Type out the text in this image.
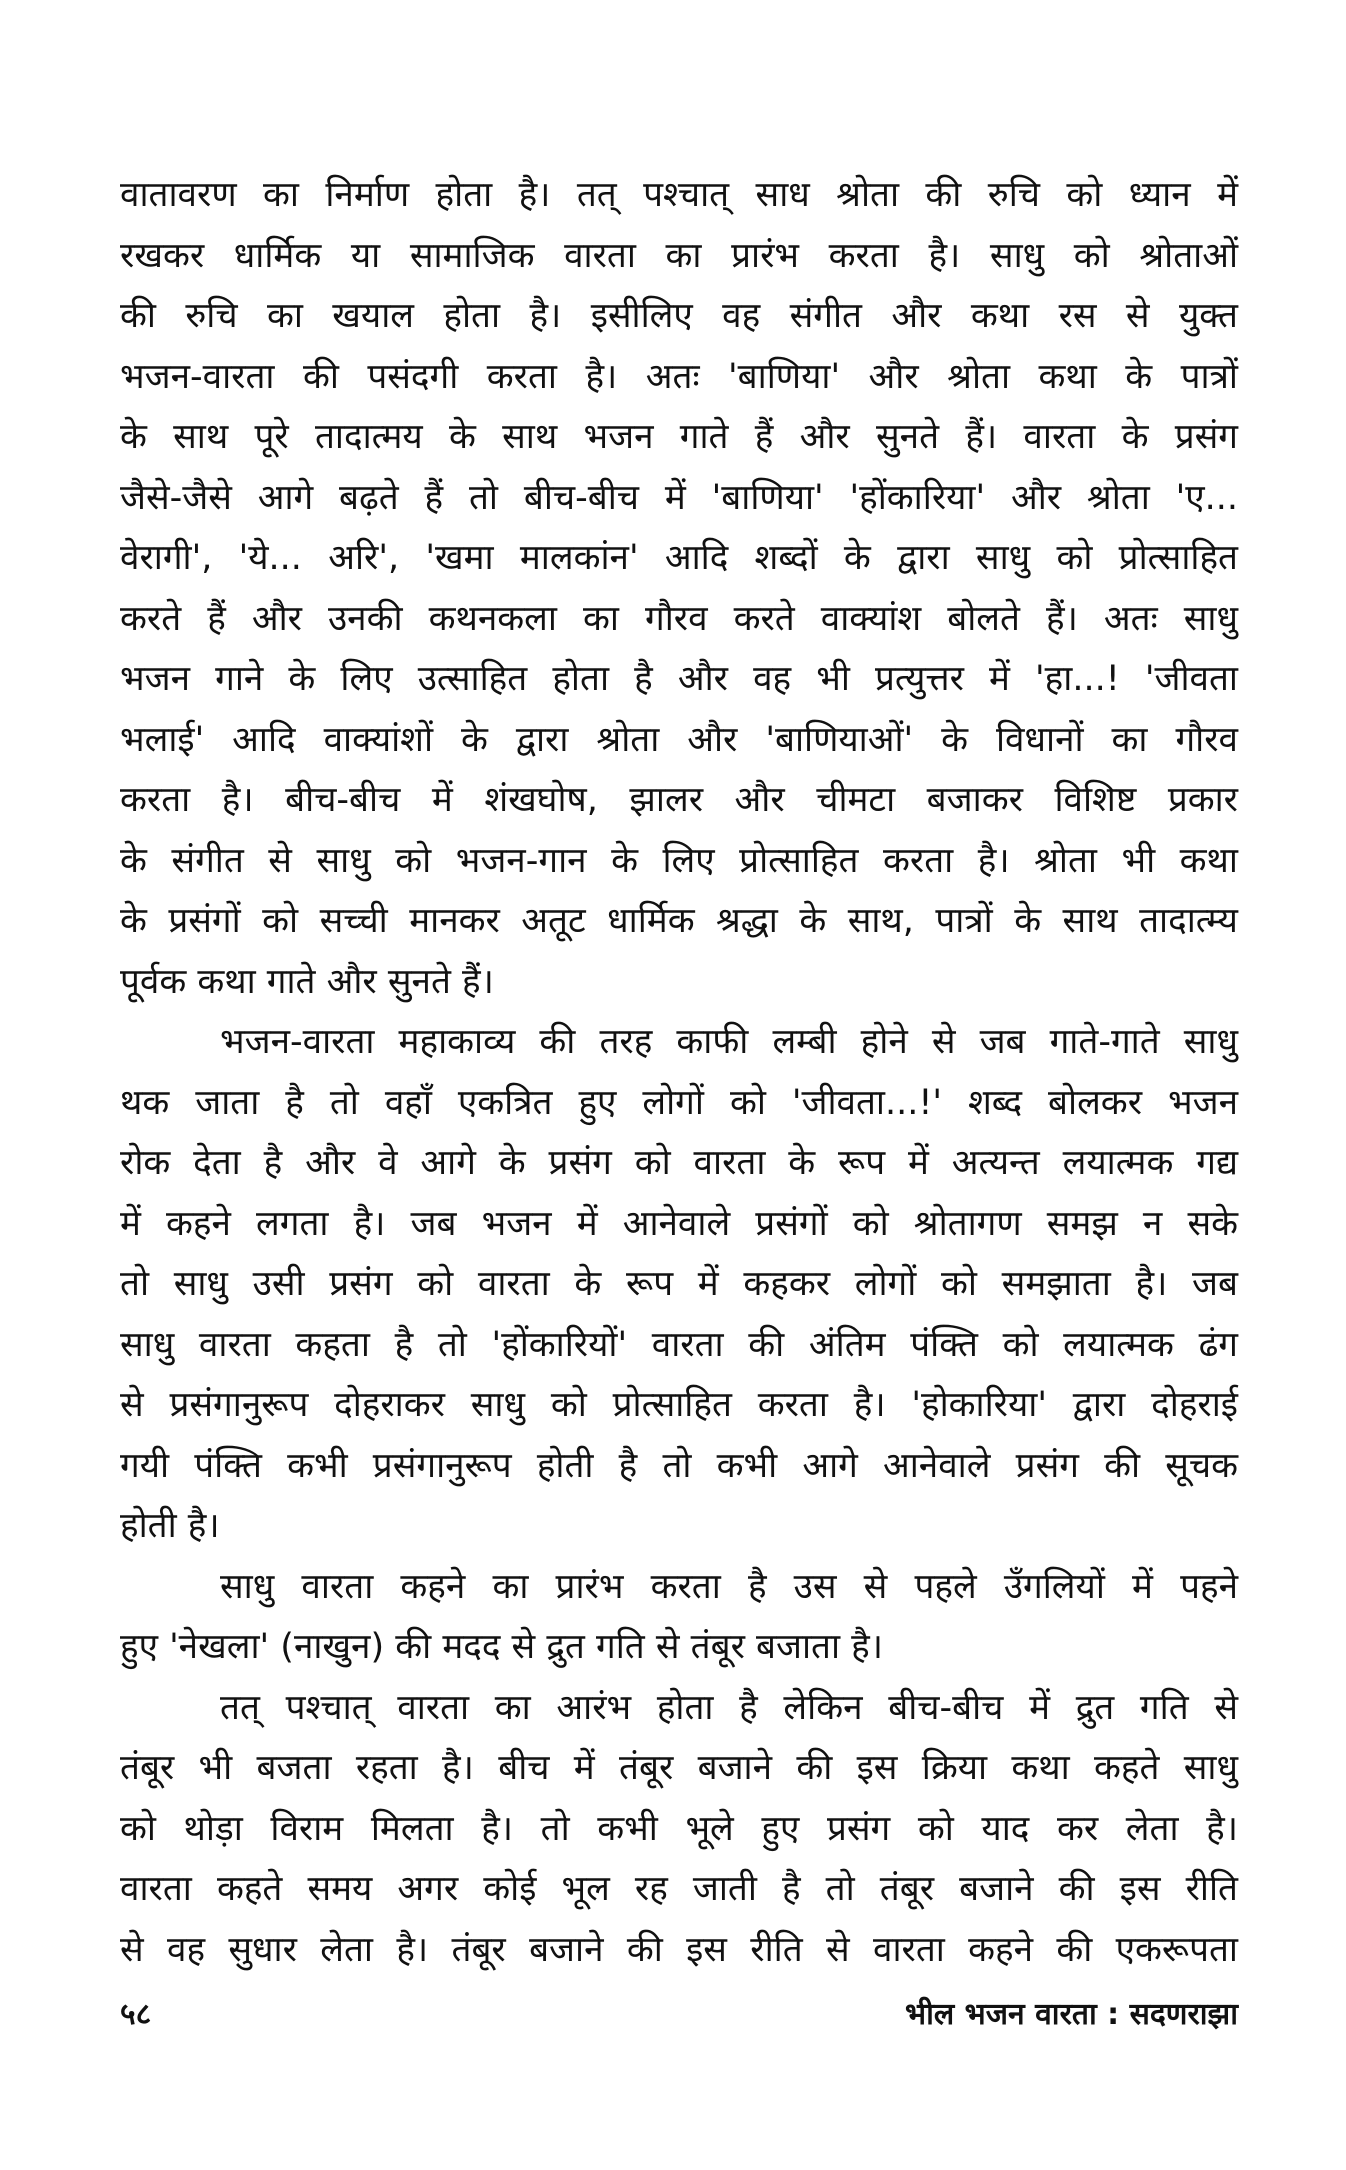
वातावरण का निर्माण होता है। तत् पश्चात् साध श्रोता की रुचि को ध्यान में
रखकर धार्मिक या सामाजिक वारता का प्रारंभ करता है। साधु को श्रोताओं
की रुचि का खयाल होता है। इसीलिए वह संगीत और कथा रस से युक्त
भजन-वारता की पसंदगी करता है। अतः 'बाणिया' और श्रोता कथा के पात्रों
के साथ पूरे तादात्मय के साथ भजन गाते हैं और सुनते हैं। वारता के प्रसंग
जैसे-जैसे आगे बढ़ते हैं तो बीच-बीच में 'बाणिया' 'होंकारिया' और श्रोता 'ए...
वेरागी', 'ये... अरि', 'खमा मालकांन' आदि शब्दों के द्वारा साधु को प्रोत्साहित
करते हैं और उनकी कथनकला का गौरव करते वाक्यांश बोलते हैं। अतः साधु
भजन गाने के लिए उत्साहित होता है और वह भी प्रत्युत्तर में 'हा...! 'जीवता
भलाई' आदि वाक्यांशों के द्वारा श्रोता और 'बाणियाओं' के विधानों का गौरव
करता है। बीच-बीच में शंखघोष, झालर और चीमटा बजाकर विशिष्ट प्रकार
के संगीत से साधु को भजन-गान के लिए प्रोत्साहित करता है। श्रोता भी कथा
के प्रसंगों को सच्ची मानकर अतूट धार्मिक श्रद्धा के साथ, पात्रों के साथ तादात्म्य
पूर्वक कथा गाते और सुनते हैं।
भजन-वारता महाकाव्य की तरह काफी लम्बी होने से जब गाते-गाते साधु
थक जाता है तो वहाँ एकत्रित हुए लोगों को 'जीवता...!' शब्द बोलकर भजन
रोक देता है और वे आगे के प्रसंग को वारता के रूप में अत्यन्त लयात्मक गद्य
में कहने लगता है। जब भजन में आनेवाले प्रसंगों को श्रोतागण समझ न सके
तो साधु उसी प्रसंग को वारता के रूप में कहकर लोगों को समझाता है। जब
साधु वारता कहता है तो 'होंकारियों' वारता की अंतिम पंक्ति को लयात्मक ढंग
से प्रसंगानुरूप दोहराकर साधु को प्रोत्साहित करता है। 'होकारिया' द्वारा दोहराई
गयी पंक्ति कभी प्रसंगानुरूप होती है तो कभी आगे आनेवाले प्रसंग की सूचक
होती है।
साधु वारता कहने का प्रारंभ करता है उस से पहले उँगलियों में पहने
हुए 'नेखला' (नाखुन) की मदद से द्रुत गति से तंबूर बजाता है।
तत् पश्चात् वारता का आरंभ होता है लेकिन बीच-बीच में द्रुत गति से
तंबूर भी बजता रहता है। बीच में तंबूर बजाने की इस क्रिया कथा कहते साधु
को थोड़ा विराम मिलता है। तो कभी भूले हुए प्रसंग को याद कर लेता है।
वारता कहते समय अगर कोई भूल रह जाती है तो तंबूर बजाने की इस रीति
से वह सुधार लेता है। तंबूर बजाने की इस रीति से वारता कहने की एकरूपता
५८	भील भजन वारता : सदणराझा
